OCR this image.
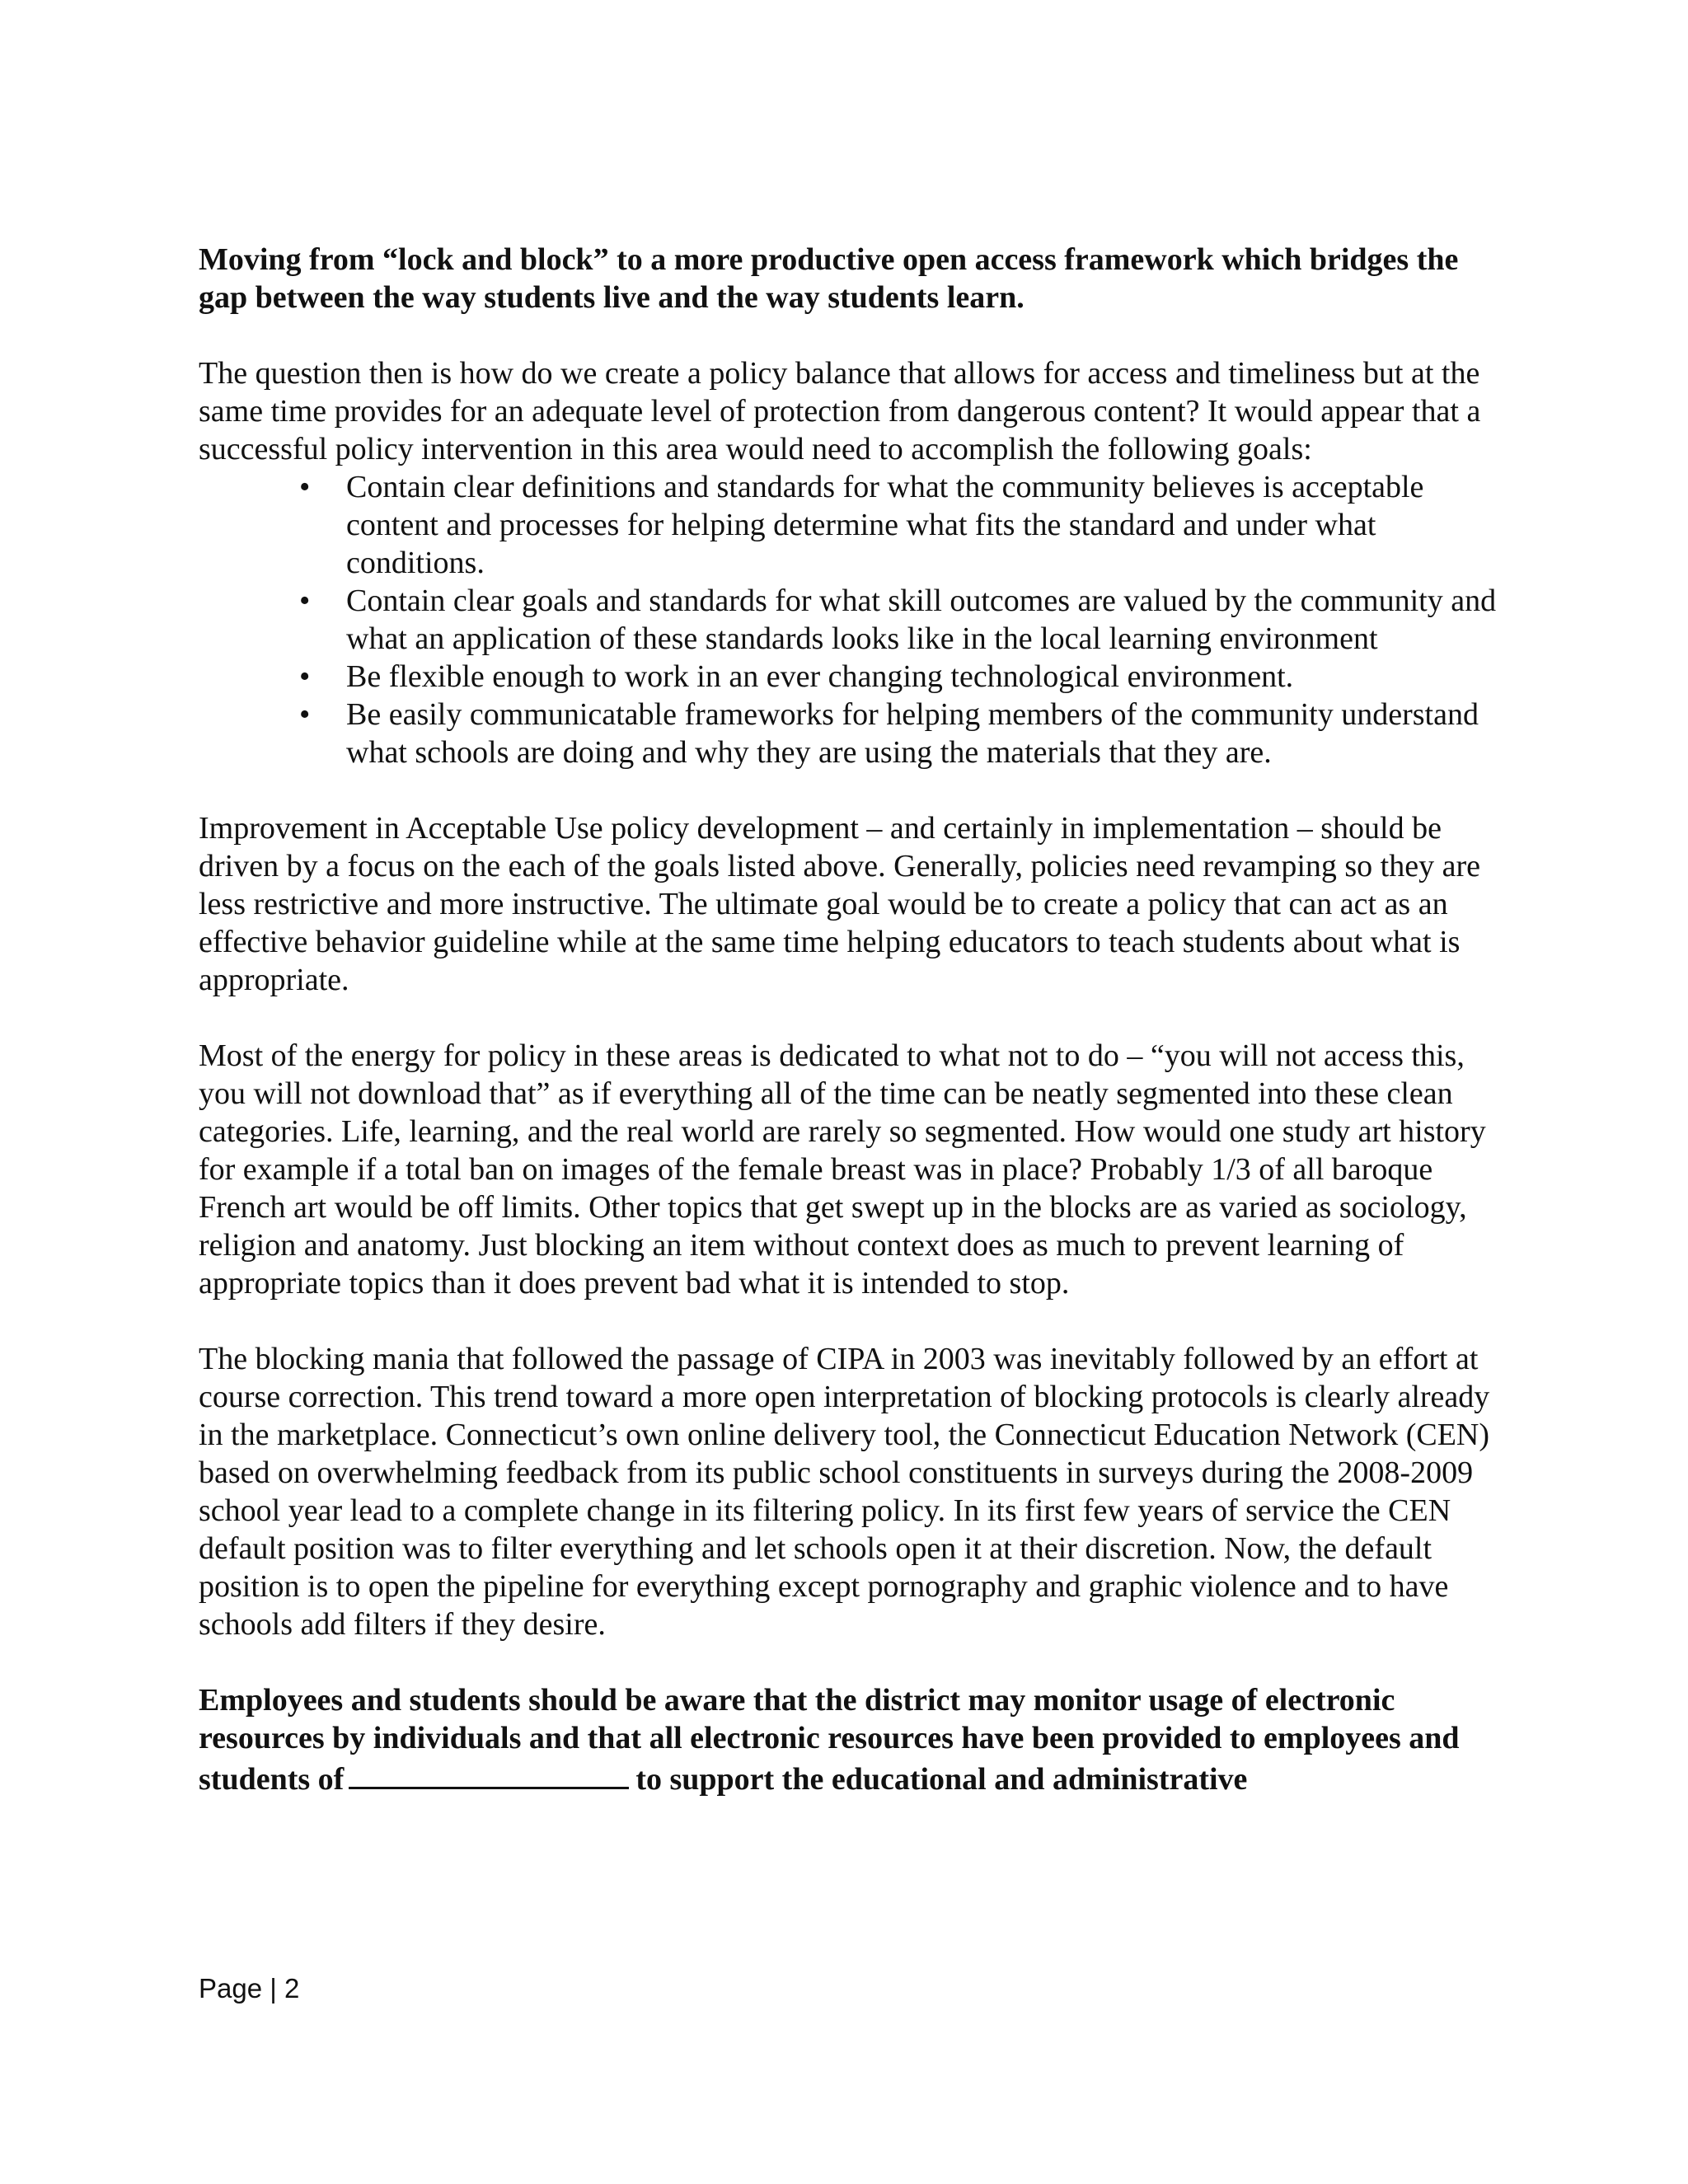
Moving from “lock and block” to a more productive open access framework which bridges the gap between the way students live and the way students learn.

The question then is how do we create a policy balance that allows for access and timeliness but at the same time provides for an adequate level of protection from dangerous content? It would appear that a successful policy intervention in this area would need to accomplish the following goals:

• Contain clear definitions and standards for what the community believes is acceptable content and processes for helping determine what fits the standard and under what conditions.
• Contain clear goals and standards for what skill outcomes are valued by the community and what an application of these standards looks like in the local learning environment
• Be flexible enough to work in an ever changing technological environment.
• Be easily communicatable frameworks for helping members of the community understand what schools are doing and why they are using the materials that they are.

Improvement in Acceptable Use policy development – and certainly in implementation – should be driven by a focus on the each of the goals listed above. Generally, policies need revamping so they are less restrictive and more instructive. The ultimate goal would be to create a policy that can act as an effective behavior guideline while at the same time helping educators to teach students about what is appropriate.

Most of the energy for policy in these areas is dedicated to what not to do – “you will not access this, you will not download that” as if everything all of the time can be neatly segmented into these clean categories. Life, learning, and the real world are rarely so segmented. How would one study art history for example if a total ban on images of the female breast was in place? Probably 1/3 of all baroque French art would be off limits. Other topics that get swept up in the blocks are as varied as sociology, religion and anatomy. Just blocking an item without context does as much to prevent learning of appropriate topics than it does prevent bad what it is intended to stop.

The blocking mania that followed the passage of CIPA in 2003 was inevitably followed by an effort at course correction. This trend toward a more open interpretation of blocking protocols is clearly already in the marketplace. Connecticut’s own online delivery tool, the Connecticut Education Network (CEN) based on overwhelming feedback from its public school constituents in surveys during the 2008-2009 school year lead to a complete change in its filtering policy. In its first few years of service the CEN default position was to filter everything and let schools open it at their discretion. Now, the default position is to open the pipeline for everything except pornography and graphic violence and to have schools add filters if they desire.

Employees and students should be aware that the district may monitor usage of electronic resources by individuals and that all electronic resources have been provided to employees and students of	to support the educational and administrative

Page | 2
